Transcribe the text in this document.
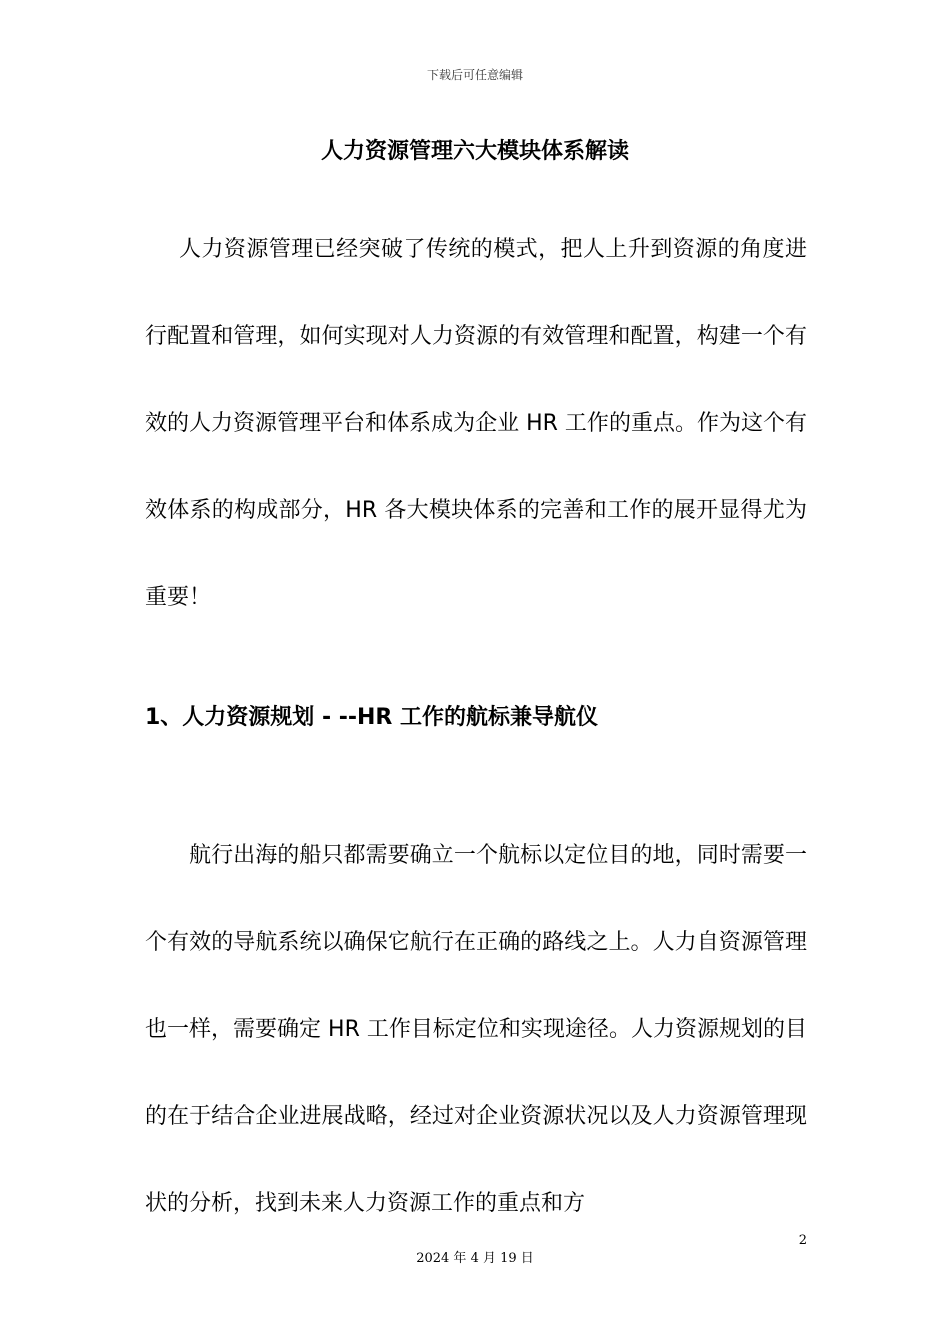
下载后可任意编辑
人力资源管理六大模块体系解读

人力资源管理已经突破了传统的模式，把人上升到资源的角度进行配置和管理，如何实现对人力资源的有效管理和配置，构建一个有效的人力资源管理平台和体系成为企业 HR 工作的重点。作为这个有效体系的构成部分，HR 各大模块体系的完善和工作的展开显得尤为重要！

1、人力资源规划 - --HR 工作的航标兼导航仪

航行出海的船只都需要确立一个航标以定位目的地，同时需要一个有效的导航系统以确保它航行在正确的路线之上。人力自资源管理也一样，需要确定 HR 工作目标定位和实现途径。人力资源规划的目的在于结合企业进展战略，经过对企业资源状况以及人力资源管理现状的分析，找到未来人力资源工作的重点和方

2
2024 年 4 月 19 日
